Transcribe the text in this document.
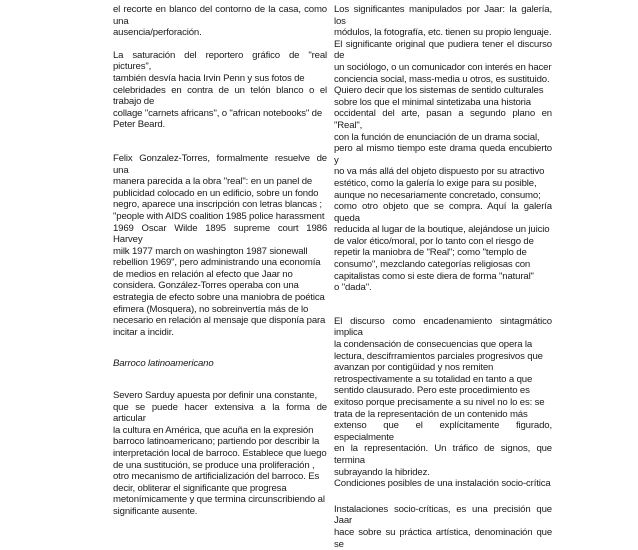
el recorte en blanco del contorno de la casa, como una
ausencia/perforación.

La saturación del reportero gráfico de "real pictures",
también desvía hacia Irvin Penn y sus fotos de
celebridades en contra de un telón blanco o el trabajo de
collage "carnets africans", o "african notebooks" de
Peter Beard.

Felix Gonzalez-Torres, formalmente resuelve de una
manera parecida a la obra "real": en un panel de
publicidad colocado en un edificio, sobre un fondo
negro, aparece una inscripción con letras blancas ;
"people with AIDS coalition 1985 police harassment
1969 Oscar Wilde 1895 supreme court 1986 Harvey
milk 1977 march on washington 1987 sionewall
rebellion 1969", pero administrando una economía
de medios en relación al efecto que Jaar no
considera. González-Torres operaba con una
estrategia de efecto sobre una maniobra de poética
efimera (Mosquera), no sobreinvertía más de lo
necesario en relación al mensaje que disponía para
incitar a incidir.

Barroco latinoamericano

Severo Sarduy apuesta por definir una constante,
que se puede hacer extensiva a la forma de articular
la cultura en América, que acuña en la expresión
barroco latinoamericano; partiendo por describir la
interpretación local de barroco. Establece que luego
de una sustitución, se produce una proliferación ,
otro mecanismo de artificialización del barroco. Es
decir, obliterar el significante que progresa
metonímicamente y que termina circunscribiendo al
significante ausente.

Los significantes manipulados por Jaar: la galería, los
módulos, la fotografía, etc. tienen su propio lenguaje.
El significante original que pudiera tener el discurso de
un sociólogo, o un comunicador con interés en hacer
conciencia social, mass-media u otros, es sustituido.
Quiero decir que los sistemas de sentido culturales
sobre los que el minimal sintetizaba una historia
occidental del arte, pasan a segundo plano en "Real",
con la función de enunciación de un drama social,
pero al mismo tiempo este drama queda encubierto y
no va más allá del objeto dispuesto por su atractivo
estético, como la galería lo exige para su posible,
aunque no necesariamente concretado, consumo;
como otro objeto que se compra. Aquí la galería queda
reducida al lugar de la boutique, alejándose un juicio
de valor ético/moral, por lo tanto con el riesgo de
repetir la maniobra de "Real"; como "templo de
consumo", mezclando categorías religiosas con
capitalistas como si este diera de forma "natural"
o "dada".

El discurso como encadenamiento sintagmático implica
la condensación de consecuencias que opera la
lectura, descifrramientos parciales progresivos que
avanzan por contigüidad y nos remiten
retrospectivamente a su totalidad en tanto a que
sentido clausurado. Pero este procedimiento es
exitoso porque precisamente a su nivel no lo es: se
trata de la representación de un contenido más
extenso que el explícitamente figurado, especialmente
en la representación. Un tráfico de signos, que termina
subrayando la hibridez.

Condiciones posibles de una instalación socio-crítica

Instalaciones socio-críticas, es una precisión que Jaar
hace sobre su práctica artística, denominación que se
